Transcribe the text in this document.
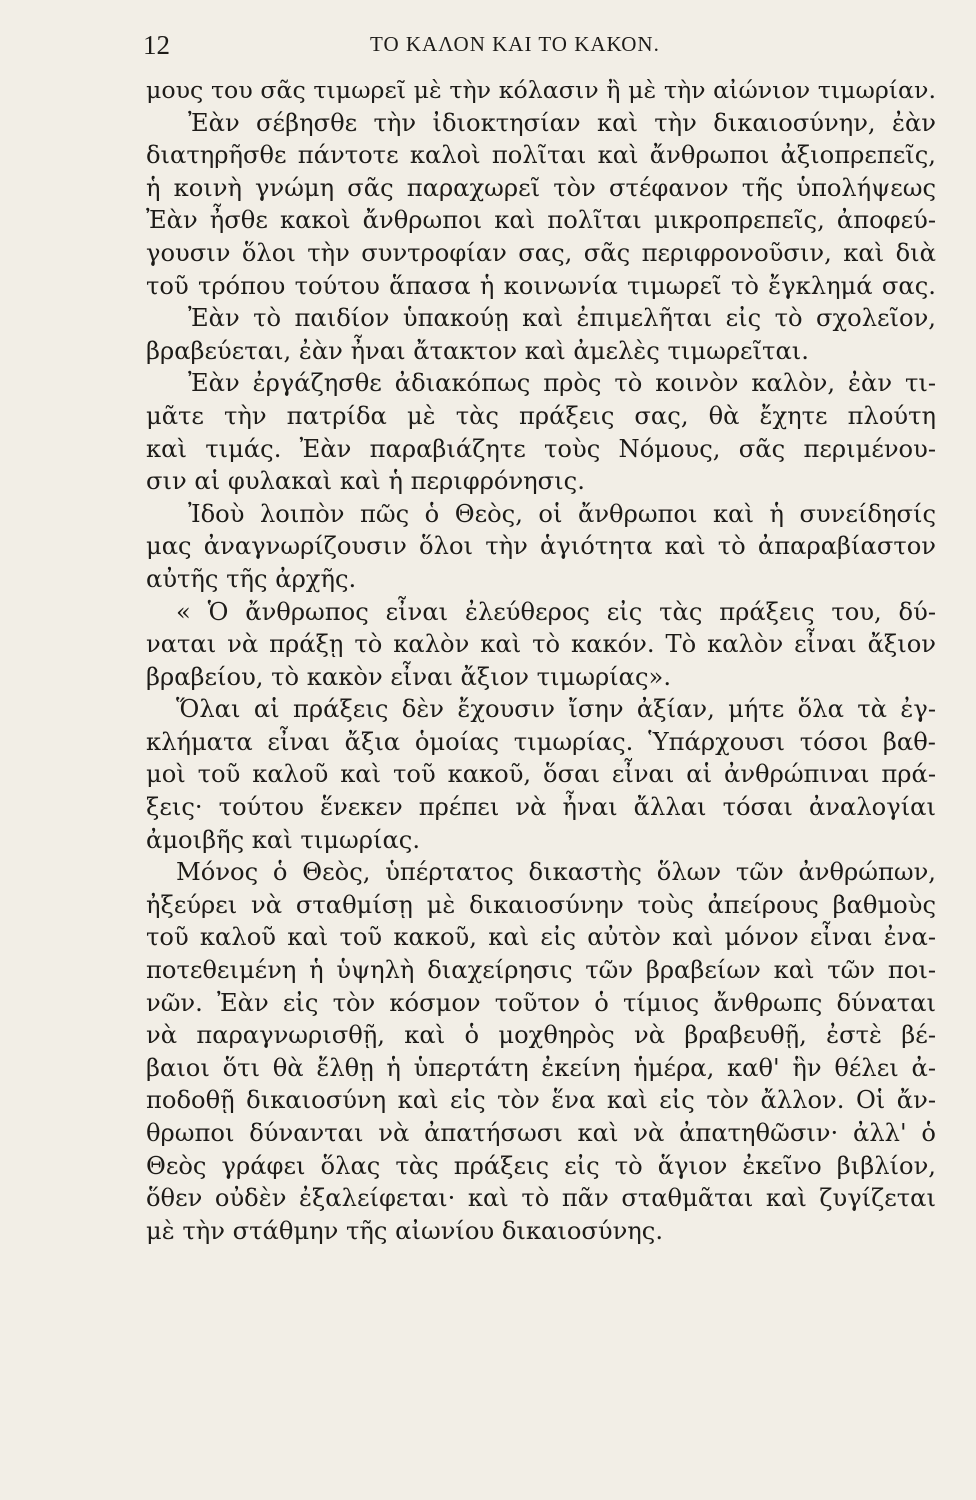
12	ΤΟ ΚΑΛΟΝ ΚΑΙ ΤΟ ΚΑΚΟΝ.
μους του σᾶς τιμωρεῖ μὲ τὴν κόλασιν ἢ μὲ τὴν αἰώνιον τιμωρίαν.
Ἐὰν σέβησθε τὴν ἰδιοκτησίαν καὶ τὴν δικαιοσύνην, ἐὰν
διατηρῆσθε πάντοτε καλοὶ πολῖται καὶ ἄνθρωποι ἀξιοπρεπεῖς,
ἡ κοινὴ γνώμη σᾶς παραχωρεῖ τὸν στέφανον τῆς ὑπολήψεως
Ἐὰν ἦσθε κακοὶ ἄνθρωποι καὶ πολῖται μικροπρεπεῖς, ἀποφεύ-
γουσιν ὅλοι τὴν συντροφίαν σας, σᾶς περιφρονοῦσιν, καὶ διὰ
τοῦ τρόπου τούτου ἅπασα ἡ κοινωνία τιμωρεῖ τὸ ἔγκλημά σας.
Ἐὰν τὸ παιδίον ὑπακούῃ καὶ ἐπιμελῆται εἰς τὸ σχολεῖον,
βραβεύεται, ἐὰν ἦναι ἄτακτον καὶ ἀμελὲς τιμωρεῖται.
Ἐὰν ἐργάζησθε ἀδιακόπως πρὸς τὸ κοινὸν καλὸν, ἐὰν τι-
μᾶτε τὴν πατρίδα μὲ τὰς πράξεις σας, θὰ ἔχητε πλούτη
καὶ τιμάς. Ἐὰν παραβιάζητε τοὺς Νόμους, σᾶς περιμένου-
σιν αἱ φυλακαὶ καὶ ἡ περιφρόνησις.
Ἰδοὺ λοιπὸν πῶς ὁ Θεὸς, οἱ ἄνθρωποι καὶ ἡ συνείδησίς
μας ἀναγνωρίζουσιν ὅλοι τὴν ἁγιότητα καὶ τὸ ἀπαραβίαστον
αὐτῆς τῆς ἀρχῆς.
« Ὁ ἄνθρωπος εἶναι ἐλεύθερος εἰς τὰς πράξεις του, δύ-
ναται νὰ πράξῃ τὸ καλὸν καὶ τὸ κακόν. Τὸ καλὸν εἶναι ἄξιον
βραβείου, τὸ κακὸν εἶναι ἄξιον τιμωρίας».
Ὅλαι αἱ πράξεις δὲν ἔχουσιν ἴσην ἀξίαν, μήτε ὅλα τὰ ἐγ-
κλήματα εἶναι ἄξια ὁμοίας τιμωρίας. Ὑπάρχουσι τόσοι βαθ-
μοὶ τοῦ καλοῦ καὶ τοῦ κακοῦ, ὅσαι εἶναι αἱ ἀνθρώπιναι πρά-
ξεις· τούτου ἕνεκεν πρέπει νὰ ἦναι ἄλλαι τόσαι ἀναλογίαι
ἀμοιβῆς καὶ τιμωρίας.
Μόνος ὁ Θεὸς, ὑπέρτατος δικαστὴς ὅλων τῶν ἀνθρώπων,
ἠξεύρει νὰ σταθμίσῃ μὲ δικαιοσύνην τοὺς ἀπείρους βαθμοὺς
τοῦ καλοῦ καὶ τοῦ κακοῦ, καὶ εἰς αὐτὸν καὶ μόνον εἶναι ἐνα-
ποτεθειμένη ἡ ὑψηλὴ διαχείρησις τῶν βραβείων καὶ τῶν ποι-
νῶν. Ἐὰν εἰς τὸν κόσμον τοῦτον ὁ τίμιος ἄνθρωπς δύναται
νὰ παραγνωρισθῇ, καὶ ὁ μοχθηρὸς νὰ βραβευθῇ, ἐστὲ βέ-
βαιοι ὅτι θὰ ἔλθῃ ἡ ὑπερτάτη ἐκείνη ἡμέρα, καθ' ἣν θέλει ἀ-
ποδοθῇ δικαιοσύνη καὶ εἰς τὸν ἕνα καὶ εἰς τὸν ἄλλον. Οἱ ἄν-
θρωποι δύνανται νὰ ἀπατήσωσι καὶ νὰ ἀπατηθῶσιν· ἀλλ' ὁ
Θεὸς γράφει ὅλας τὰς πράξεις εἰς τὸ ἅγιον ἐκεῖνο βιβλίον,
ὅθεν οὐδὲν ἐξαλείφεται· καὶ τὸ πᾶν σταθμᾶται καὶ ζυγίζεται
μὲ τὴν στάθμην τῆς αἰωνίου δικαιοσύνης.
